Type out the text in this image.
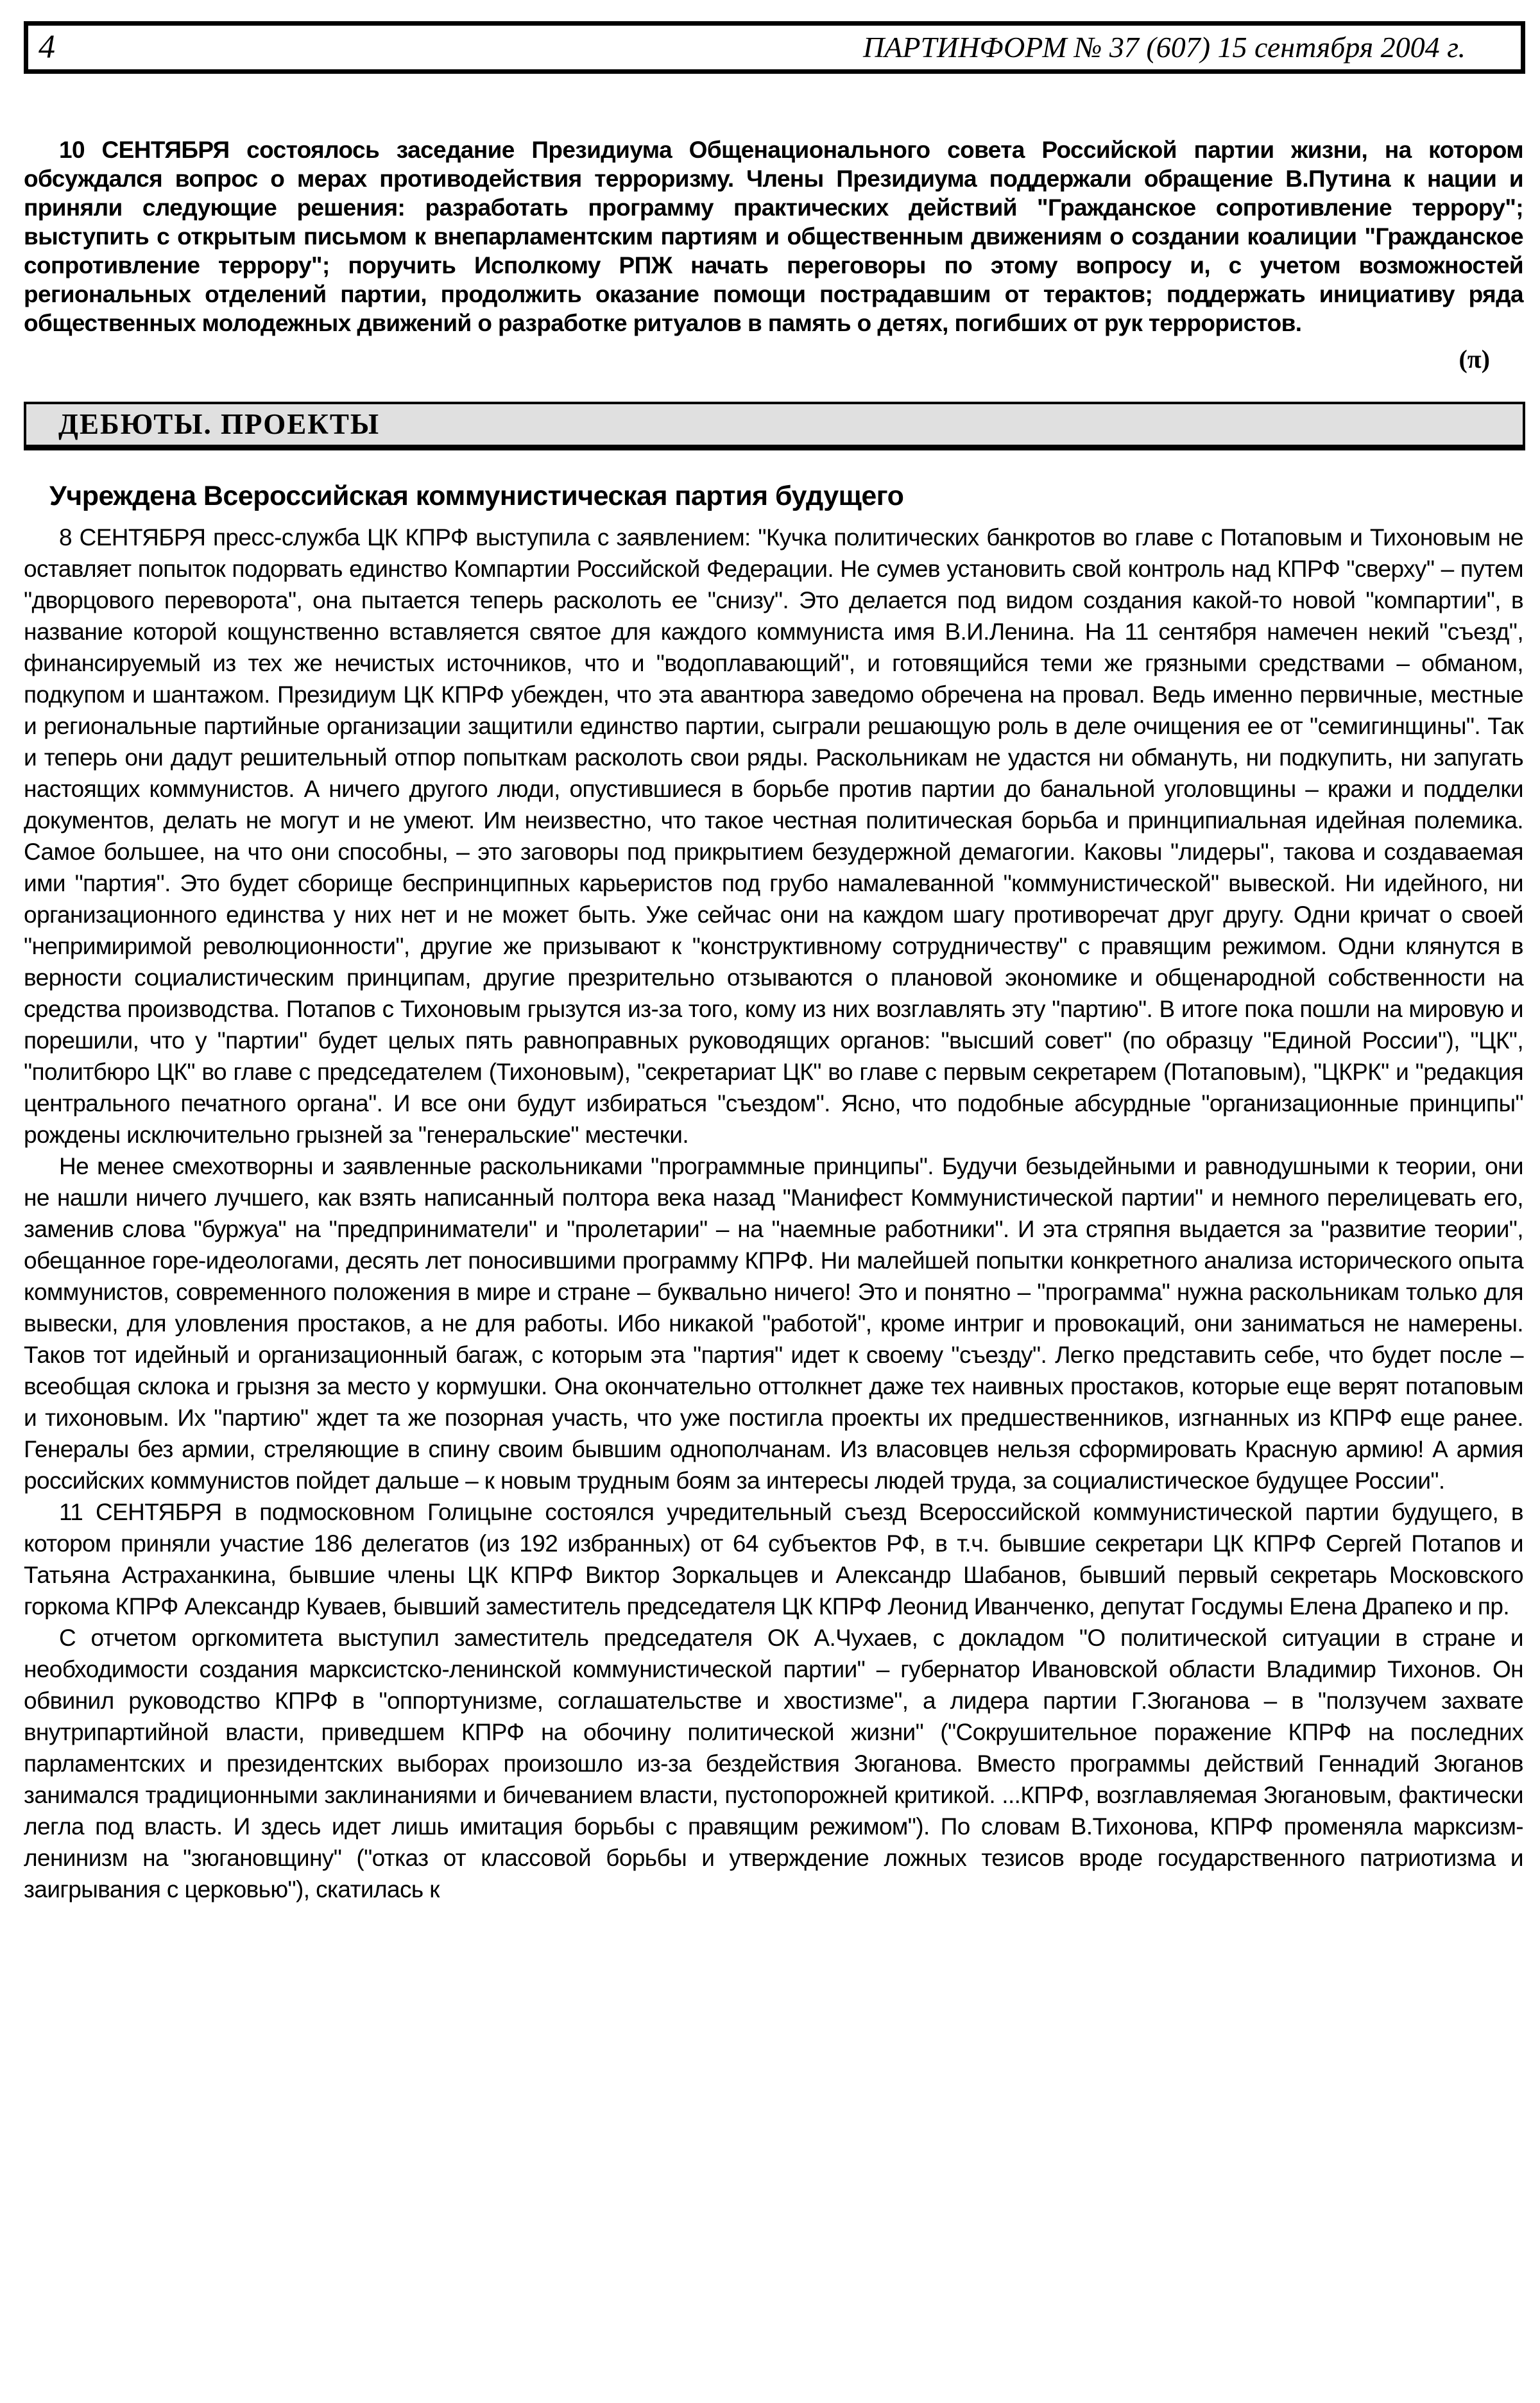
4	ПАРТИНФОРМ № 37 (607) 15 сентября 2004 г.

10 СЕНТЯБРЯ состоялось заседание Президиума Общенационального совета Российской партии жизни, на котором обсуждался вопрос о мерах противодействия терроризму. Члены Президиума поддержали обращение В.Путина к нации и приняли следующие решения: разработать программу практических действий "Гражданское сопротивление террору"; выступить с открытым письмом к внепарламентским партиям и общественным движениям о создании коалиции "Гражданское сопротивление террору"; поручить Исполкому РПЖ начать переговоры по этому вопросу и, с учетом возможностей региональных отделений партии, продолжить оказание помощи пострадавшим от терактов; поддержать инициативу ряда общественных молодежных движений о разработке ритуалов в память о детях, погибших от рук террористов.

(π)

ДЕБЮТЫ. ПРОЕКТЫ
Учреждена Всероссийская коммунистическая партия будущего

8 СЕНТЯБРЯ пресс-служба ЦК КПРФ выступила с заявлением: "Кучка политических банкротов во главе с Потаповым и Тихоновым не оставляет попыток подорвать единство Компартии Российской Федерации. Не сумев установить свой контроль над КПРФ "сверху" – путем "дворцового переворота", она пытается теперь расколоть ее "снизу". Это делается под видом создания какой-то новой "компартии", в название которой кощунственно вставляется святое для каждого коммуниста имя В.И.Ленина. На 11 сентября намечен некий "съезд", финансируемый из тех же нечистых источников, что и "водоплавающий", и готовящийся теми же грязными средствами – обманом, подкупом и шантажом. Президиум ЦК КПРФ убежден, что эта авантюра заведомо обречена на провал. Ведь именно первичные, местные и региональные партийные организации защитили единство партии, сыграли решающую роль в деле очищения ее от "семигинщины". Так и теперь они дадут решительный отпор попыткам расколоть свои ряды. Раскольникам не удастся ни обмануть, ни подкупить, ни запугать настоящих коммунистов. А ничего другого люди, опустившиеся в борьбе против партии до банальной уголовщины – кражи и подделки документов, делать не могут и не умеют. Им неизвестно, что такое честная политическая борьба и принципиальная идейная полемика. Самое большее, на что они способны, – это заговоры под прикрытием безудержной демагогии. Каковы "лидеры", такова и создаваемая ими "партия". Это будет сборище беспринципных карьеристов под грубо намалеванной "коммунистической" вывеской. Ни идейного, ни организационного единства у них нет и не может быть. Уже сейчас они на каждом шагу противоречат друг другу. Одни кричат о своей "непримиримой революционности", другие же призывают к "конструктивному сотрудничеству" с правящим режимом. Одни клянутся в верности социалистическим принципам, другие презрительно отзываются о плановой экономике и общенародной собственности на средства производства. Потапов с Тихоновым грызутся из-за того, кому из них возглавлять эту "партию". В итоге пока пошли на мировую и порешили, что у "партии" будет целых пять равноправных руководящих органов: "высший совет" (по образцу "Единой России"), "ЦК", "политбюро ЦК" во главе с председателем (Тихоновым), "секретариат ЦК" во главе с первым секретарем (Потаповым), "ЦКРК" и "редакция центрального печатного органа". И все они будут избираться "съездом". Ясно, что подобные абсурдные "организационные принципы" рождены исключительно грызней за "генеральские" местечки.

Не менее смехотворны и заявленные раскольниками "программные принципы". Будучи безыдейными и равнодушными к теории, они не нашли ничего лучшего, как взять написанный полтора века назад "Манифест Коммунистической партии" и немного перелицевать его, заменив слова "буржуа" на "предприниматели" и "пролетарии" – на "наемные работники". И эта стряпня выдается за "развитие теории", обещанное горе-идеологами, десять лет поносившими программу КПРФ. Ни малейшей попытки конкретного анализа исторического опыта коммунистов, современного положения в мире и стране – буквально ничего! Это и понятно – "программа" нужна раскольникам только для вывески, для уловления простаков, а не для работы. Ибо никакой "работой", кроме интриг и провокаций, они заниматься не намерены. Таков тот идейный и организационный багаж, с которым эта "партия" идет к своему "съезду". Легко представить себе, что будет после – всеобщая склока и грызня за место у кормушки. Она окончательно оттолкнет даже тех наивных простаков, которые еще верят потаповым и тихоновым. Их "партию" ждет та же позорная участь, что уже постигла проекты их предшественников, изгнанных из КПРФ еще ранее. Генералы без армии, стреляющие в спину своим бывшим однополчанам. Из власовцев нельзя сформировать Красную армию! А армия российских коммунистов пойдет дальше – к новым трудным боям за интересы людей труда, за социалистическое будущее России".

11 СЕНТЯБРЯ в подмосковном Голицыне состоялся учредительный съезд Всероссийской коммунистической партии будущего, в котором приняли участие 186 делегатов (из 192 избранных) от 64 субъектов РФ, в т.ч. бывшие секретари ЦК КПРФ Сергей Потапов и Татьяна Астраханкина, бывшие члены ЦК КПРФ Виктор Зоркальцев и Александр Шабанов, бывший первый секретарь Московского горкома КПРФ Александр Куваев, бывший заместитель председателя ЦК КПРФ Леонид Иванченко, депутат Госдумы Елена Драпеко и пр.

С отчетом оргкомитета выступил заместитель председателя ОК А.Чухаев, с докладом "О политической ситуации в стране и необходимости создания марксистско-ленинской коммунистической партии" – губернатор Ивановской области Владимир Тихонов. Он обвинил руководство КПРФ в "оппортунизме, соглашательстве и хвостизме", а лидера партии Г.Зюганова – в "ползучем захвате внутрипартийной власти, приведшем КПРФ на обочину политической жизни" ("Сокрушительное поражение КПРФ на последних парламентских и президентских выборах произошло из-за бездействия Зюганова. Вместо программы действий Геннадий Зюганов занимался традиционными заклинаниями и бичеванием власти, пустопорожней критикой. ...КПРФ, возглавляемая Зюгановым, фактически легла под власть. И здесь идет лишь имитация борьбы с правящим режимом"). По словам В.Тихонова, КПРФ променяла марксизм-ленинизм на "зюгановщину" ("отказ от классовой борьбы и утверждение ложных тезисов вроде государственного патриотизма и заигрывания с церковью"), скатилась к
